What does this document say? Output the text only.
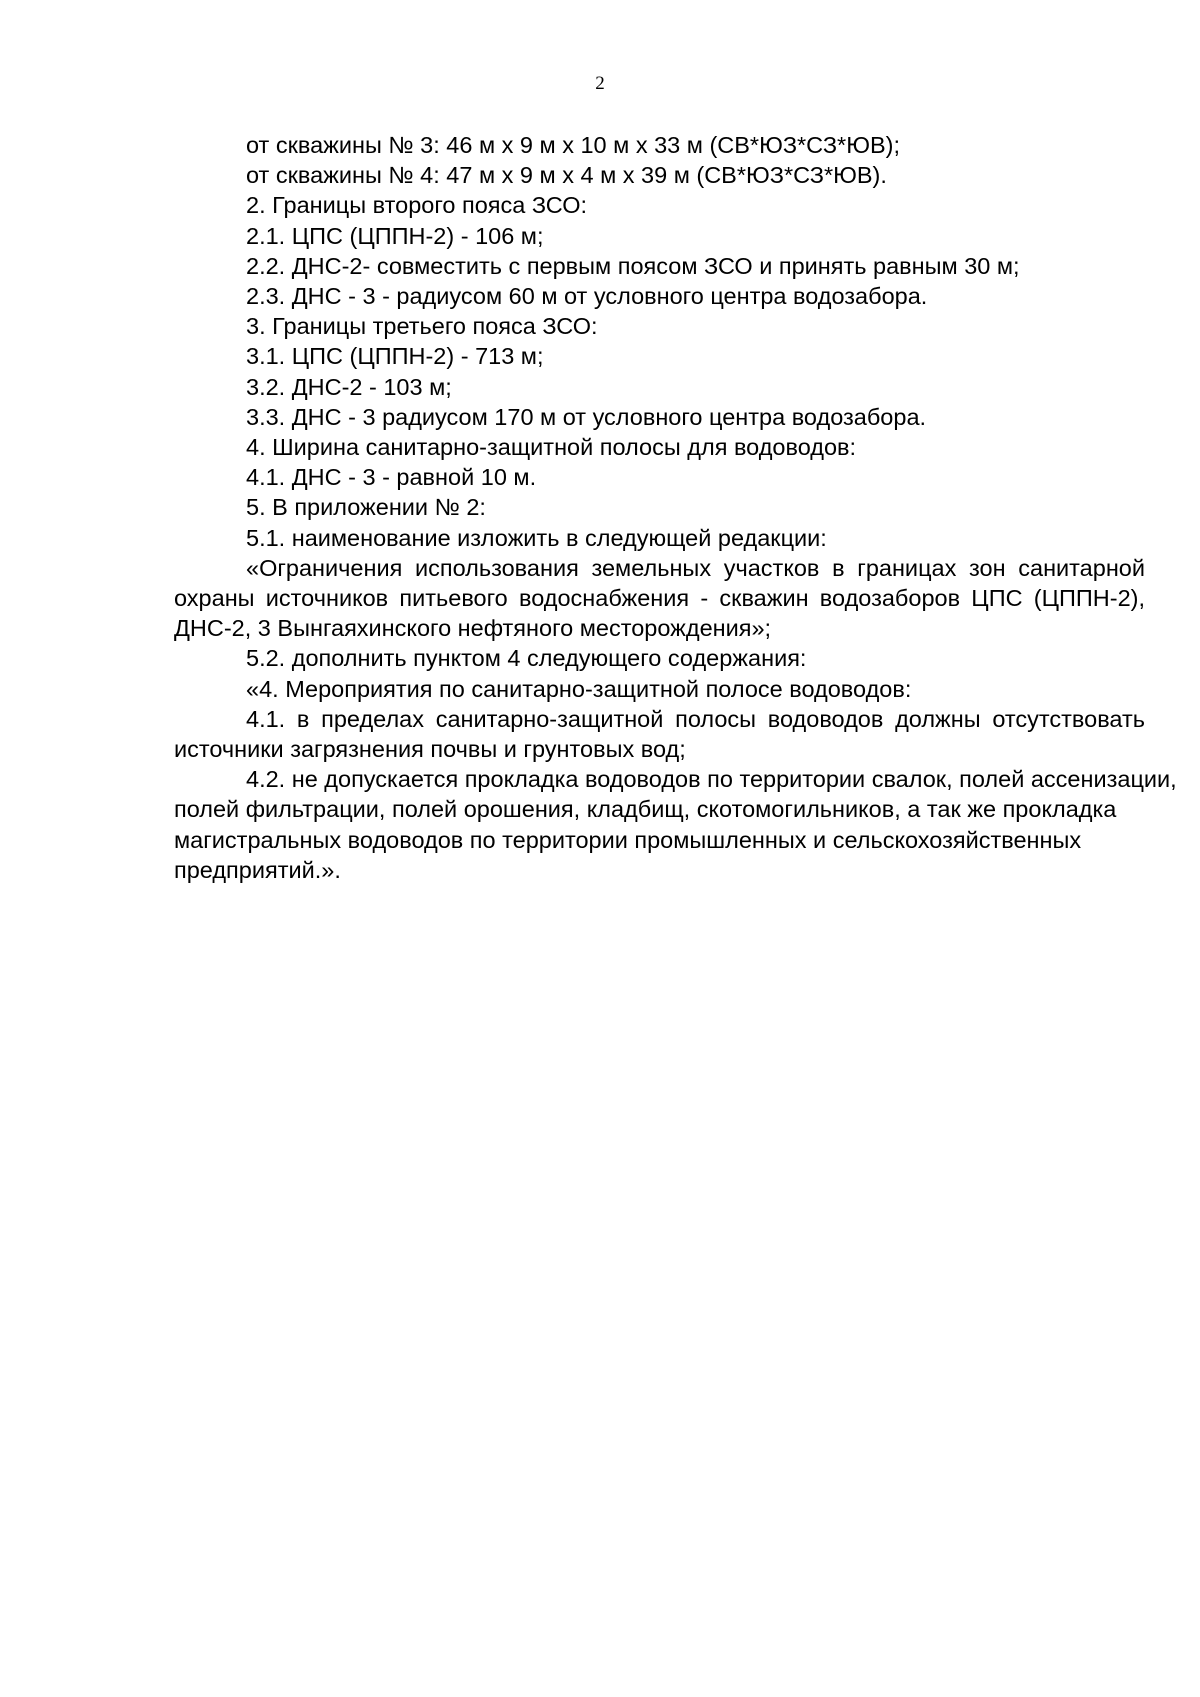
2

от скважины № 3: 46 м х 9 м х 10 м х 33 м (СВ*ЮЗ*СЗ*ЮВ);

от скважины № 4: 47 м х 9 м х 4 м х 39 м (СВ*ЮЗ*СЗ*ЮВ).

2. Границы второго пояса ЗСО:

2.1. ЦПС (ЦППН-2) - 106 м;

2.2. ДНС-2- совместить с первым поясом ЗСО и принять равным 30 м;

2.3. ДНС - 3 - радиусом 60 м от условного центра водозабора.

3. Границы третьего пояса ЗСО:

3.1. ЦПС (ЦППН-2) - 713 м;

3.2. ДНС-2 - 103 м;

3.3. ДНС - 3 радиусом 170 м от условного центра водозабора.

4. Ширина санитарно-защитной полосы для водоводов:

4.1. ДНС - 3 - равной 10 м.

5. В приложении № 2:

5.1. наименование изложить в следующей редакции:

«Ограничения использования земельных участков в границах зон санитарной охраны источников питьевого водоснабжения - скважин водозаборов ЦПС (ЦППН-2), ДНС-2, 3 Вынгаяхинского нефтяного месторождения»;

5.2. дополнить пунктом 4 следующего содержания:

«4. Мероприятия по санитарно-защитной полосе водоводов:

4.1. в пределах санитарно-защитной полосы водоводов должны отсутствовать источники загрязнения почвы и грунтовых вод;

4.2. не допускается прокладка водоводов по территории свалок, полей ассенизации, полей фильтрации, полей орошения, кладбищ, скотомогильников, а так же прокладка магистральных водоводов по территории промышленных и сельскохозяйственных предприятий.».
